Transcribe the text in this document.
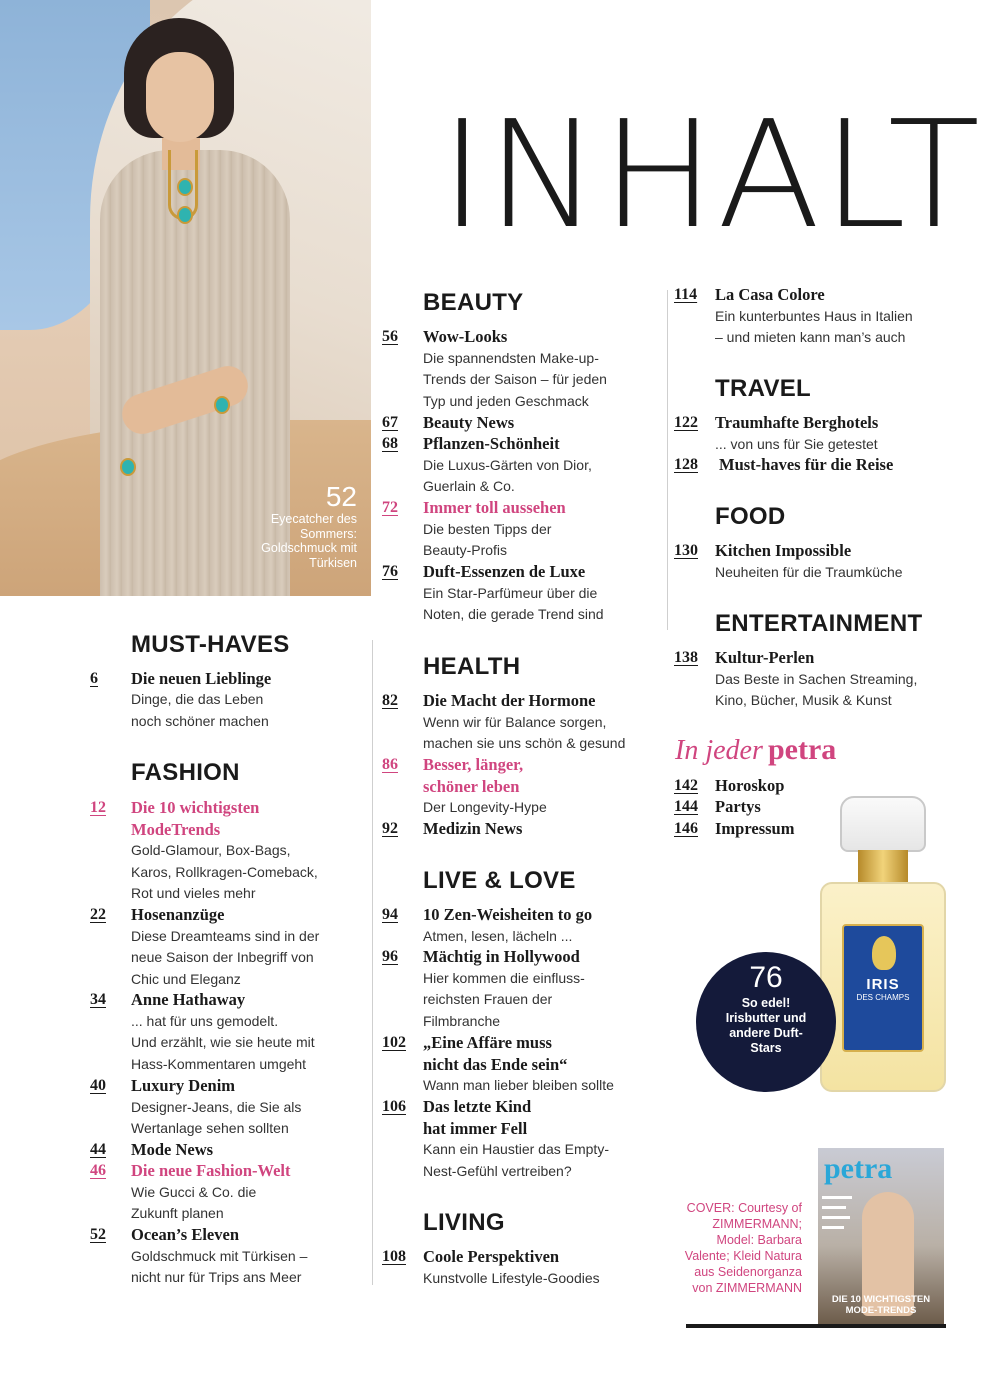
52
Eyecatcher des Sommers: Goldschmuck mit Türkisen
INHALT
MUST-HAVES
6 Die neuen Lieblinge
Dinge, die das Leben
noch schöner machen
FASHION
12 Die 10 wichtigsten
ModeTrends
Gold-Glamour, Box-Bags,
Karos, Rollkragen-Comeback,
Rot und vieles mehr
22 Hosenanzüge
Diese Dreamteams sind in der
neue Saison der Inbegriff von
Chic und Eleganz
34 Anne Hathaway
... hat für uns gemodelt.
Und erzählt, wie sie heute mit
Hass-Kommentaren umgeht
40 Luxury Denim
Designer-Jeans, die Sie als
Wertanlage sehen sollten
44 Mode News
46 Die neue Fashion-Welt
Wie Gucci & Co. die
Zukunft planen
52 Ocean’s Eleven
Goldschmuck mit Türkisen –
nicht nur für Trips ans Meer
BEAUTY
56 Wow-Looks
Die spannendsten Make-up-
Trends der Saison – für jeden
Typ und jeden Geschmack
67 Beauty News
68 Pflanzen-Schönheit
Die Luxus-Gärten von Dior,
Guerlain & Co.
72 Immer toll aussehen
Die besten Tipps der
Beauty-Profis
76 Duft-Essenzen de Luxe
Ein Star-Parfümeur über die
Noten, die gerade Trend sind
HEALTH
82 Die Macht der Hormone
Wenn wir für Balance sorgen,
machen sie uns schön & gesund
86 Besser, länger,
schöner leben
Der Longevity-Hype
92 Medizin News
LIVE & LOVE
94 10 Zen-Weisheiten to go
Atmen, lesen, lächeln ...
96 Mächtig in Hollywood
Hier kommen die einfluss-
reichsten Frauen der
Filmbranche
102 „Eine Affäre muss
nicht das Ende sein“
Wann man lieber bleiben sollte
106 Das letzte Kind
hat immer Fell
Kann ein Haustier das Empty-
Nest-Gefühl vertreiben?
LIVING
108 Coole Perspektiven
Kunstvolle Lifestyle-Goodies
114 La Casa Colore
Ein kunterbuntes Haus in Italien
– und mieten kann man’s auch
TRAVEL
122 Traumhafte Berghotels
... von uns für Sie getestet
128 Must-haves für die Reise
FOOD
130 Kitchen Impossible
Neuheiten für die Traumküche
ENTERTAINMENT
138 Kultur-Perlen
Das Beste in Sachen Streaming,
Kino, Bücher, Musik & Kunst
In jeder petra
142 Horoskop
144 Partys
146 Impressum
IRIS
DES CHAMPS
76
So edel! Irisbutter und andere Duft-Stars
COVER: Courtesy of ZIMMERMANN; Model: Barbara Valente; Kleid Natura aus Seidenorganza von ZIMMERMANN
petra
DIE 10 WICHTIGSTEN MODE-TRENDS
